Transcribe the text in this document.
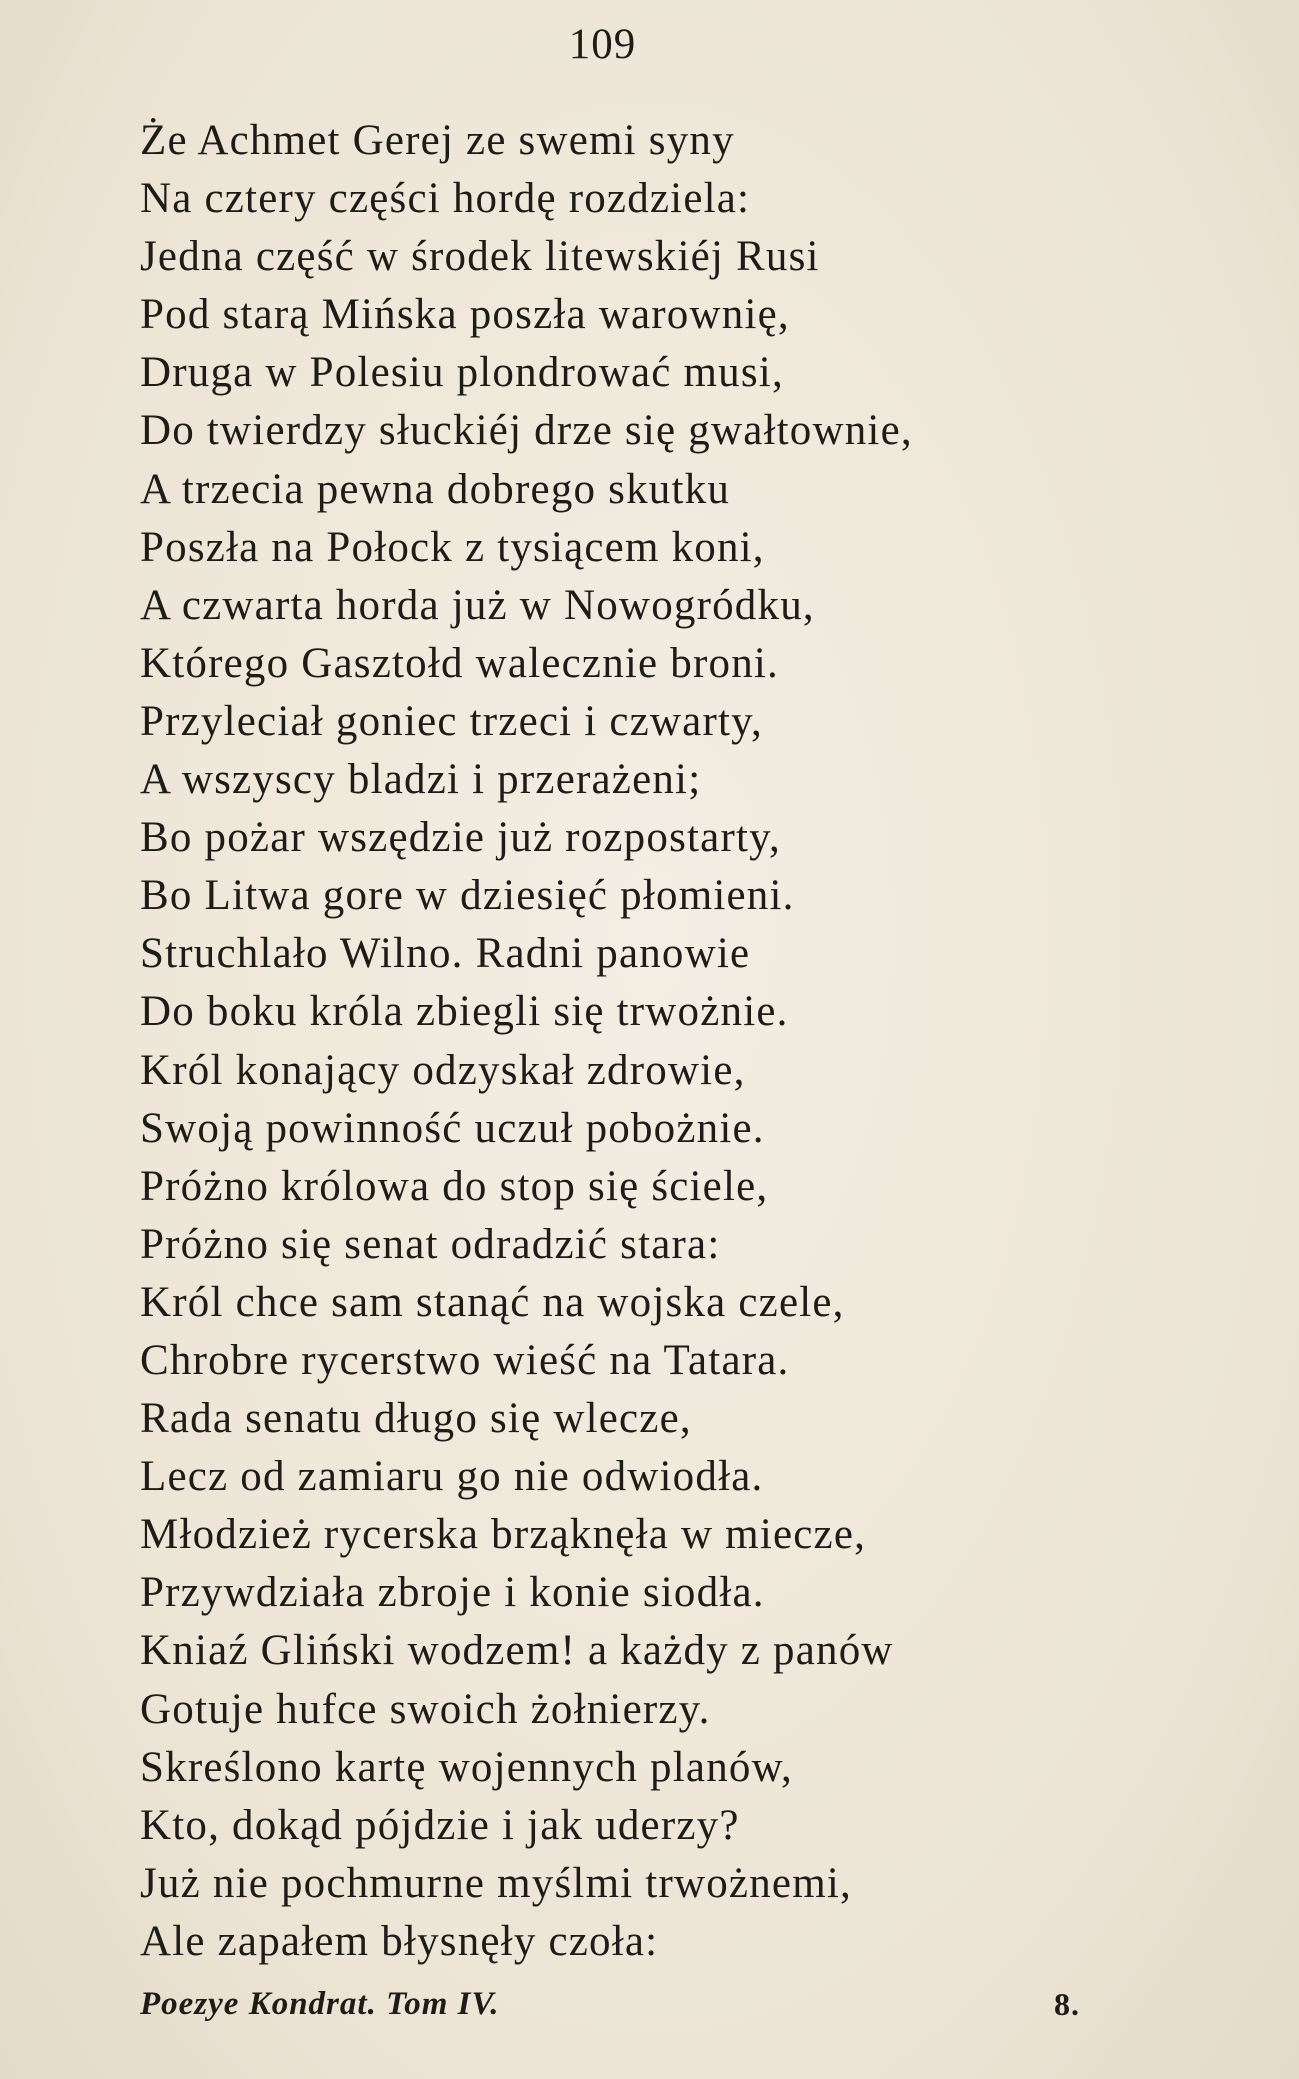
109
Że Achmet Gerej ze swemi syny
Na cztery części hordę rozdziela:
Jedna część w środek litewskiéj Rusi
Pod starą Mińska poszła warownię,
Druga w Polesiu plondrować musi,
Do twierdzy słuckiéj drze się gwałtownie,
A trzecia pewna dobrego skutku
Poszła na Połock z tysiącem koni,
A czwarta horda już w Nowogródku,
Którego Gasztołd walecznie broni.
Przyleciał goniec trzeci i czwarty,
A wszyscy bladzi i przerażeni;
Bo pożar wszędzie już rozpostarty,
Bo Litwa gore w dziesięć płomieni.
Struchlało Wilno. Radni panowie
Do boku króla zbiegli się trwożnie.
Król konający odzyskał zdrowie,
Swoją powinność uczuł pobożnie.
Próżno królowa do stop się ściele,
Próżno się senat odradzić stara:
Król chce sam stanąć na wojska czele,
Chrobre rycerstwo wieść na Tatara.
Rada senatu długo się wlecze,
Lecz od zamiaru go nie odwiodła.
Młodzież rycerska brząknęła w miecze,
Przywdziała zbroje i konie siodła.
Kniaź Gliński wodzem! a każdy z panów
Gotuje hufce swoich żołnierzy.
Skreślono kartę wojennych planów,
Kto, dokąd pójdzie i jak uderzy?
Już nie pochmurne myślmi trwożnemi,
Ale zapałem błysnęły czoła:
Poezye Kondrat. Tom IV.	8.
